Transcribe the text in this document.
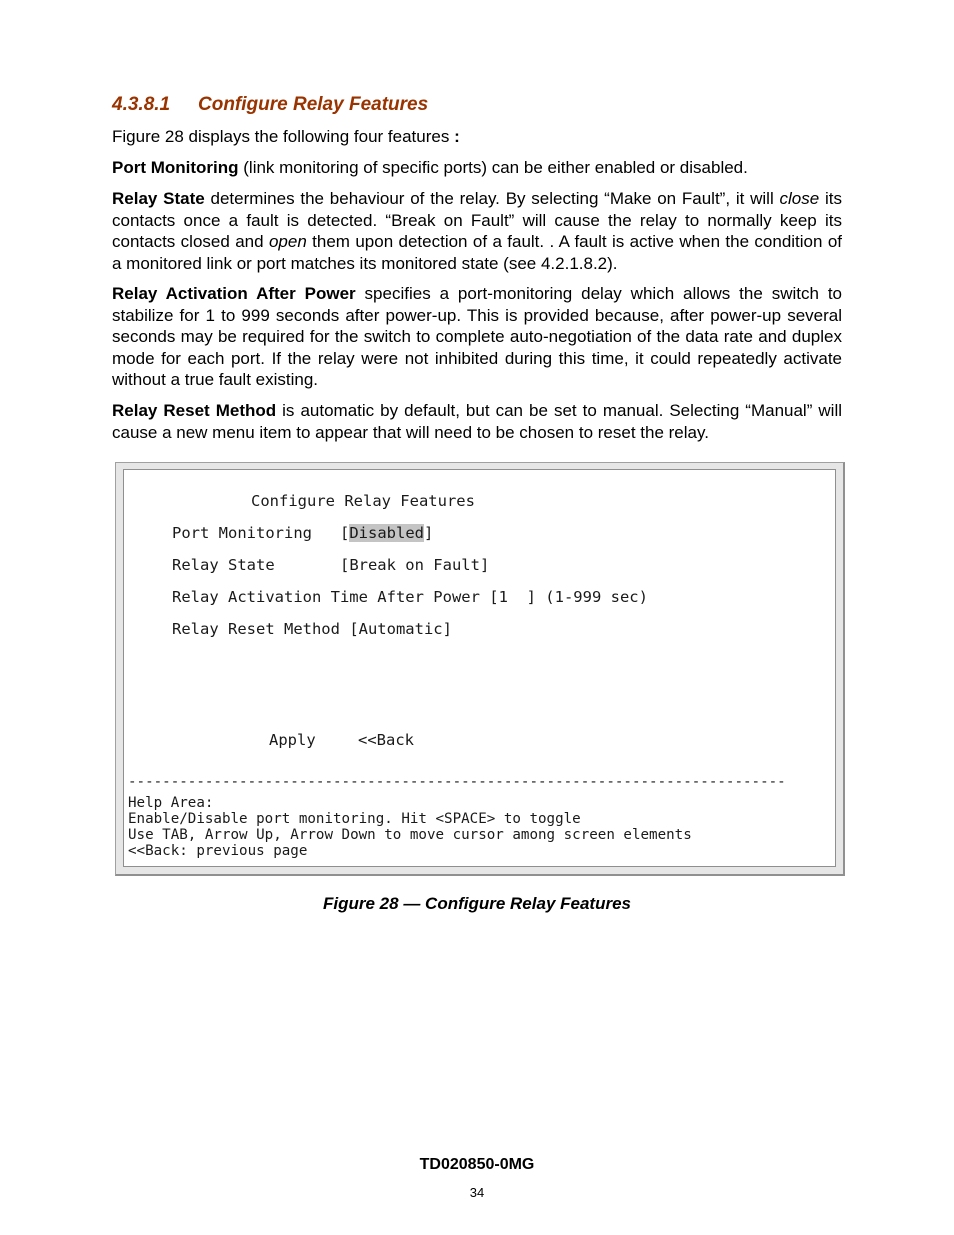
4.3.8.1 Configure Relay Features
Figure 28 displays the following four features :
Port Monitoring (link monitoring of specific ports) can be either enabled or disabled.
Relay State determines the behaviour of the relay. By selecting “Make on Fault”, it will close its contacts once a fault is detected. “Break on Fault” will cause the relay to normally keep its contacts closed and open them upon detection of a fault. . A fault is active when the condition of a monitored link or port matches its monitored state (see 4.2.1.8.2).
Relay Activation After Power specifies a port-monitoring delay which allows the switch to stabilize for 1 to 999 seconds after power-up. This is provided because, after power-up several seconds may be required for the switch to complete auto-negotiation of the data rate and duplex mode for each port. If the relay were not inhibited during this time, it could repeatedly activate without a true fault existing.
Relay Reset Method is automatic by default, but can be set to manual. Selecting “Manual” will cause a new menu item to appear that will need to be chosen to reset the relay.
Configure Relay Features
Port Monitoring   [Disabled]
Relay State       [Break on Fault]
Relay Activation Time After Power [1  ] (1-999 sec)
Relay Reset Method [Automatic]
Apply	<<Back
-----------------------------------------------------------------------------
Help Area:
Enable/Disable port monitoring. Hit <SPACE> to toggle
Use TAB, Arrow Up, Arrow Down to move cursor among screen elements
<<Back: previous page
Figure 28 — Configure Relay Features
TD020850-0MG
34
